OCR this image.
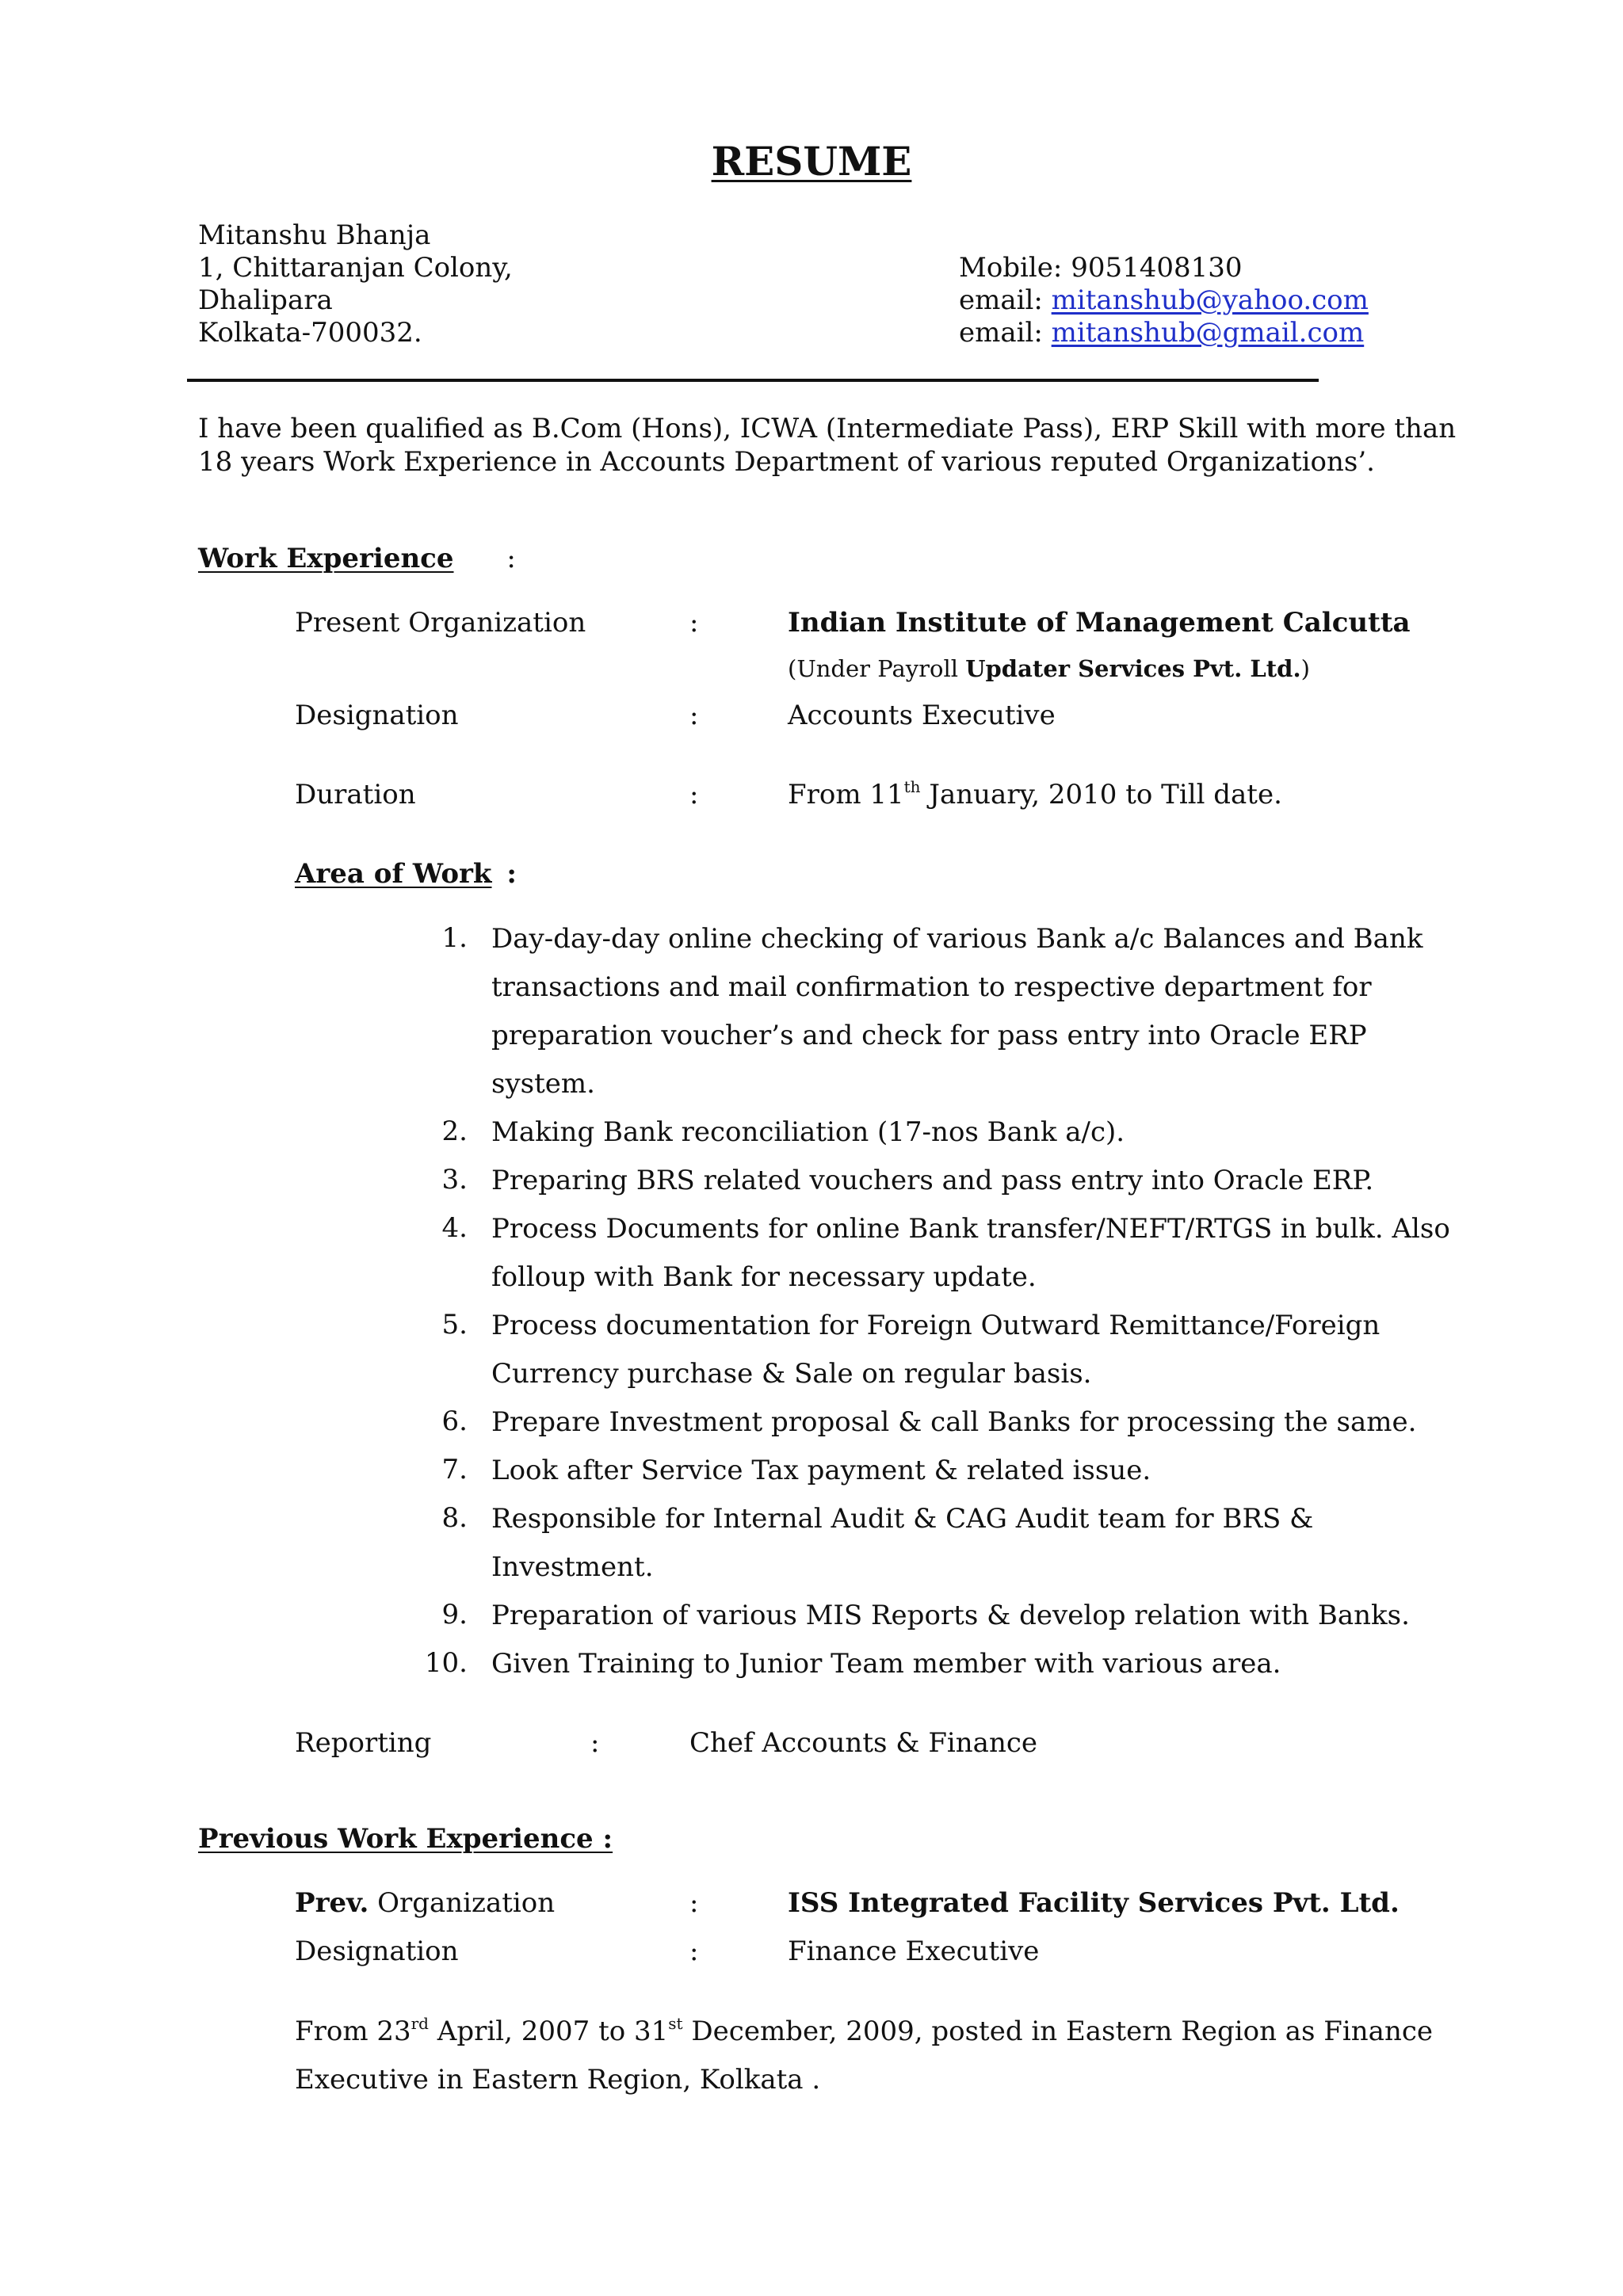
RESUME
Mitanshu Bhanja
1, Chittaranjan Colony,
Dhalipara
Kolkata-700032.
Mobile: 9051408130
email: mitanshub@yahoo.com
email: mitanshub@gmail.com
I have been qualified as B.Com (Hons), ICWA (Intermediate Pass), ERP Skill with more than 18 years Work Experience in Accounts Department of various reputed Organizations’.
Work Experience :
Present Organization	:	Indian Institute of Management Calcutta
(Under Payroll Updater Services Pvt. Ltd.)
Designation	:	Accounts Executive
Duration	:	From 11th January, 2010 to Till date.
Area of Work :
1. Day-day-day online checking of various Bank a/c Balances and Bank transactions and mail confirmation to respective department for preparation voucher’s and check for pass entry into Oracle ERP system.
2. Making Bank reconciliation (17-nos Bank a/c).
3. Preparing BRS related vouchers and pass entry into Oracle ERP.
4. Process Documents for online Bank transfer/NEFT/RTGS in bulk. Also folloup with Bank for necessary update.
5. Process documentation for Foreign Outward Remittance/Foreign Currency purchase & Sale on regular basis.
6. Prepare Investment proposal & call Banks for processing the same.
7. Look after Service Tax payment & related issue.
8. Responsible for Internal Audit & CAG Audit team for BRS & Investment.
9. Preparation of various MIS Reports & develop relation with Banks.
10. Given Training to Junior Team member with various area.
Reporting	:	Chef Accounts & Finance
Previous Work Experience :
Prev. Organization	:	ISS Integrated Facility Services Pvt. Ltd.
Designation	:	Finance Executive
From 23rd April, 2007 to 31st December, 2009, posted in Eastern Region as Finance Executive in Eastern Region, Kolkata .
